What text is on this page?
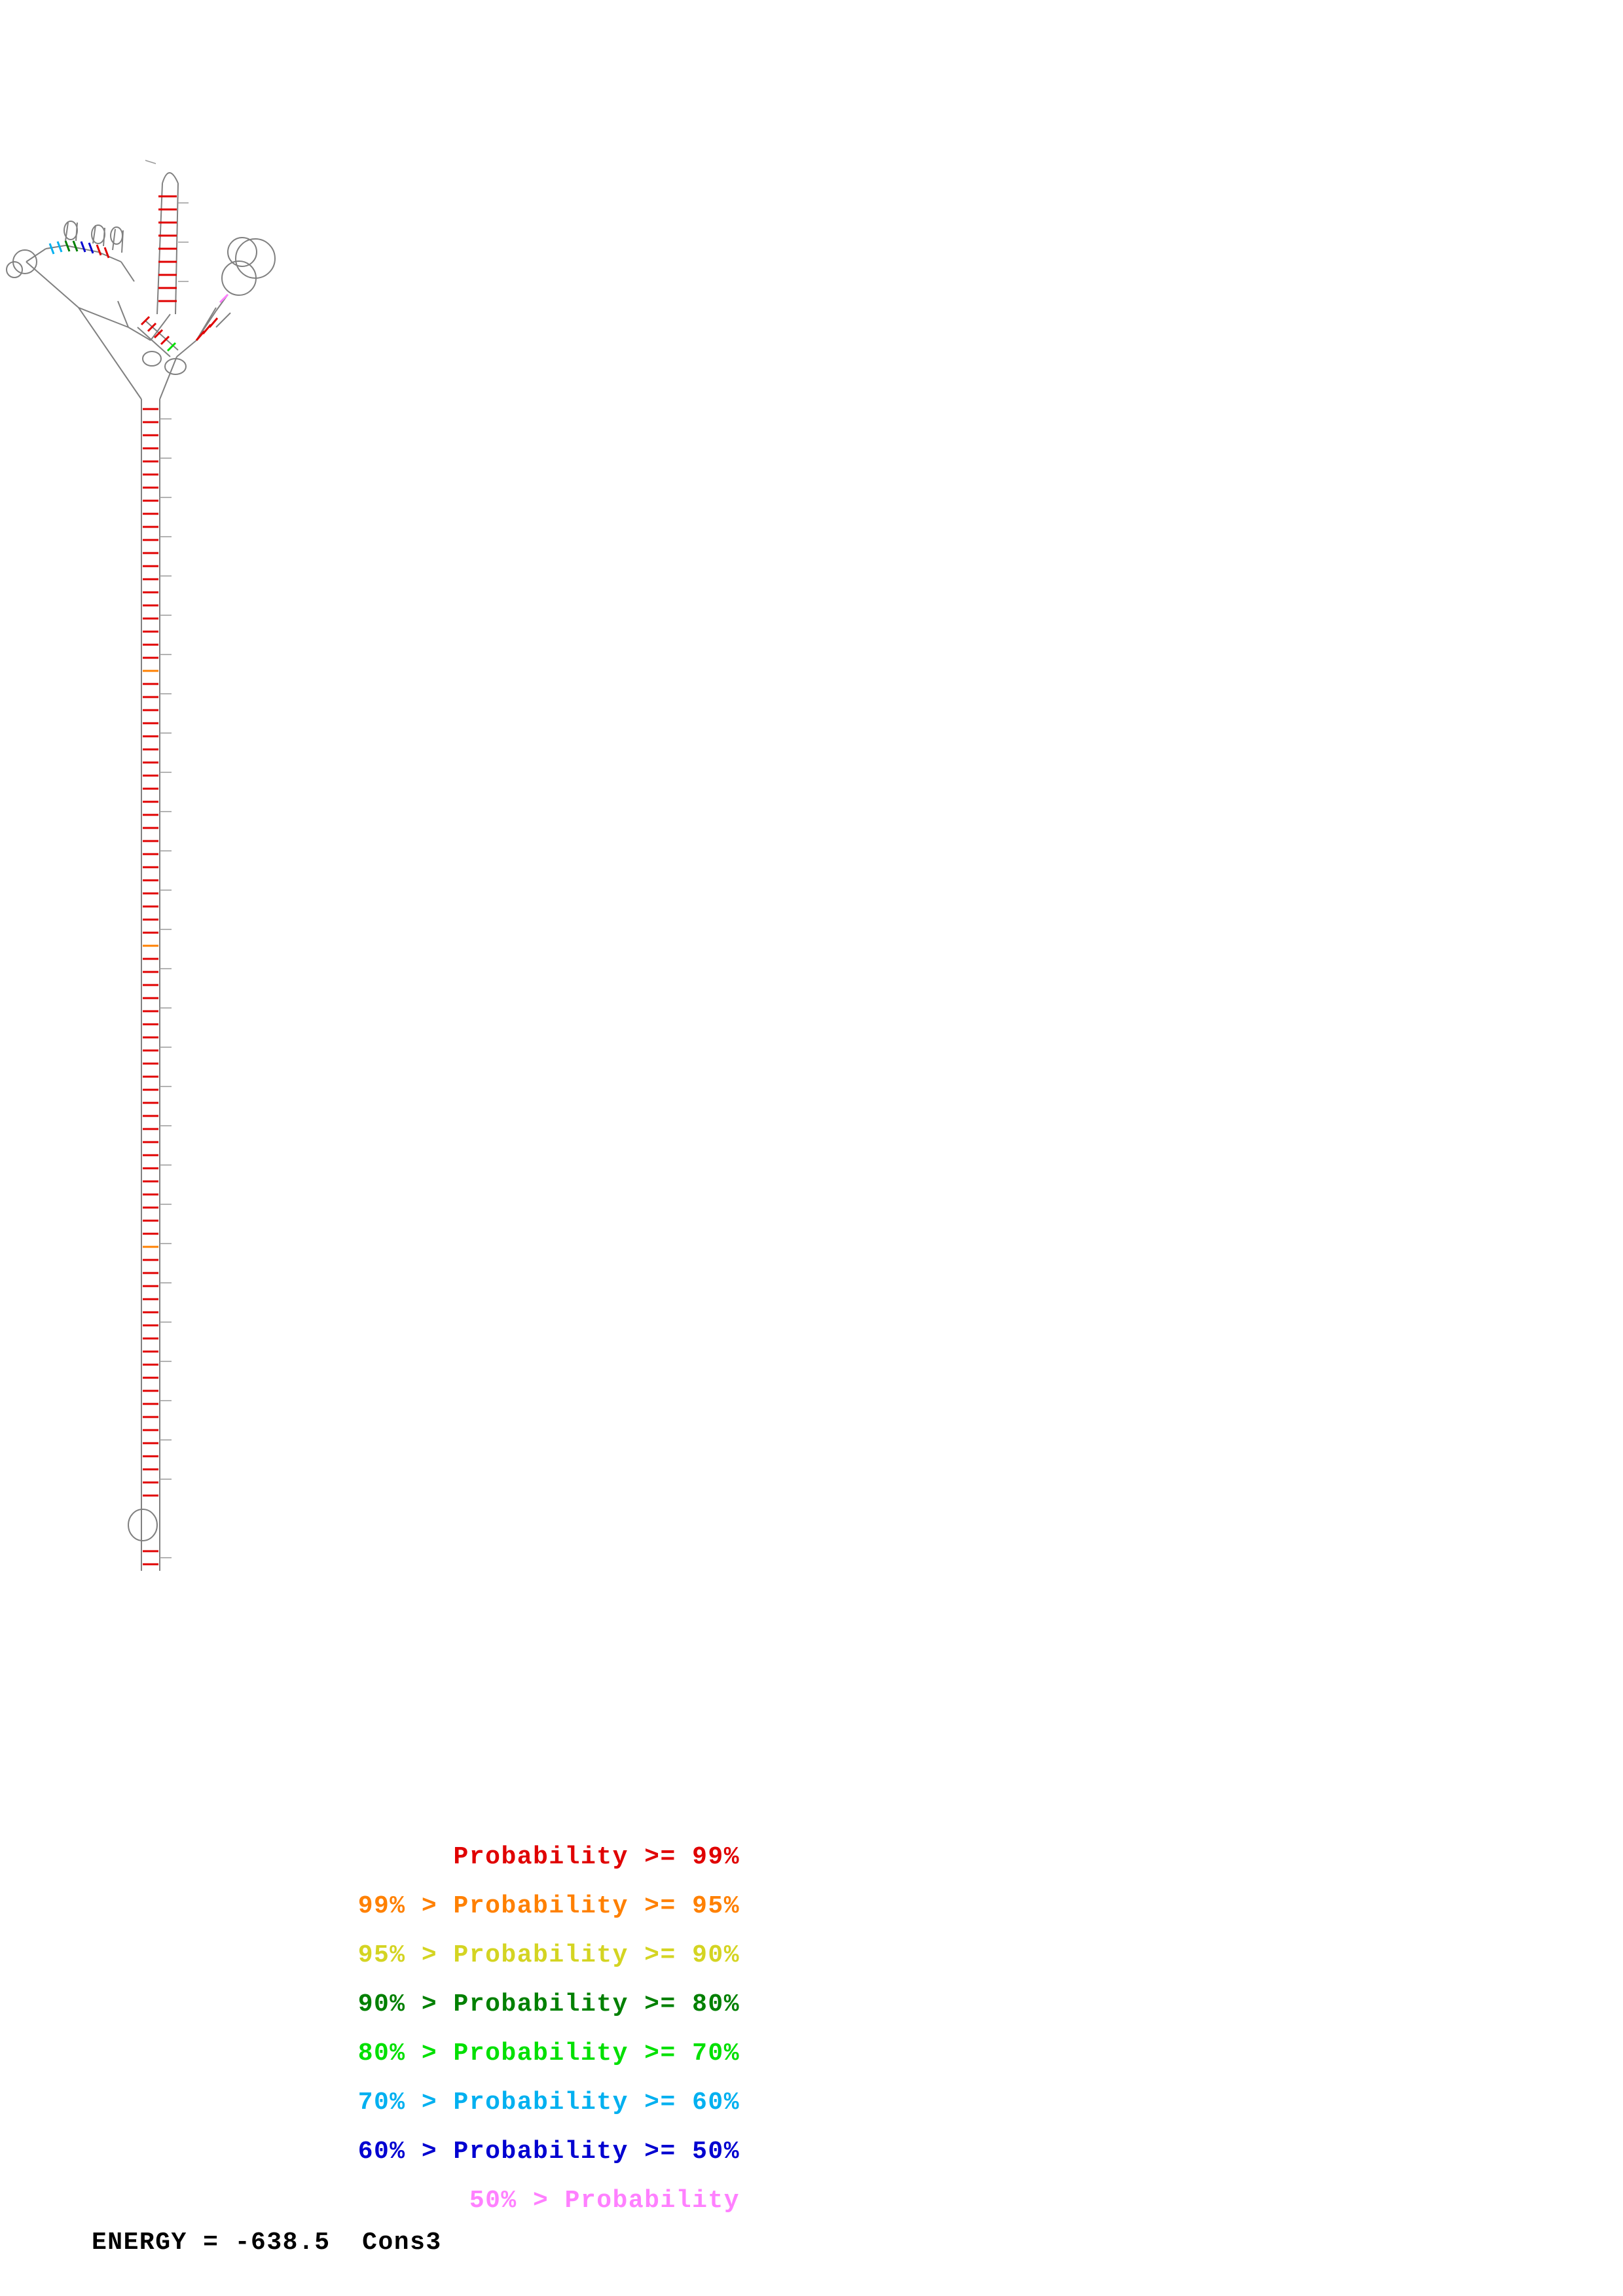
Probability >= 99%
99% > Probability >= 95%
95% > Probability >= 90%
90% > Probability >= 80%
80% > Probability >= 70%
70% > Probability >= 60%
60% > Probability >= 50%
50% > Probability
ENERGY = -638.5  Cons3
